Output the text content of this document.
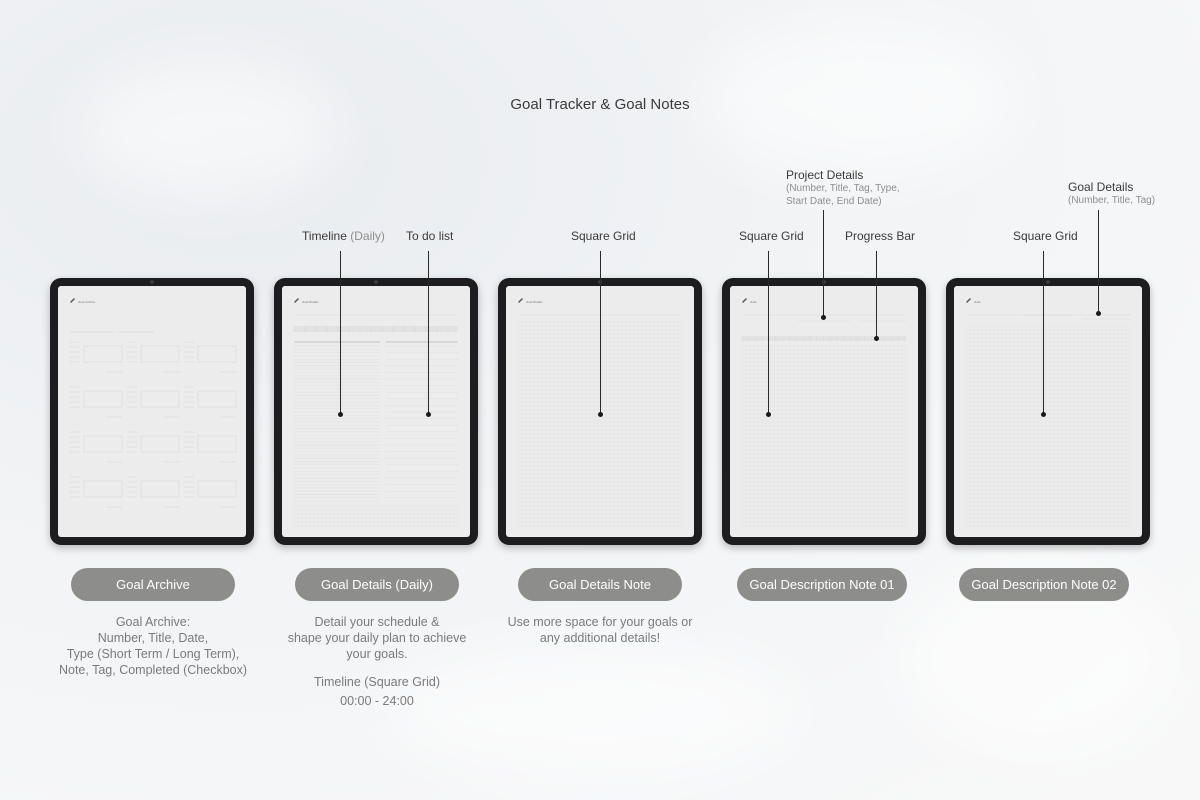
Goal Tracker & Goal Notes
Timeline (Daily) To do list	Square Grid	Square Grid	Progress Bar
Project Details
(Number, Title, Tag, Type,
Start Date, End Date)
Square Grid
Goal Details
(Number, Title, Tag)
Goal Archive	Goal Details	Goal Details	Goal	Goal
Goal Archive	Goal Details (Daily)	Goal Details Note	Goal Description Note 01	Goal Description Note 02
Goal Archive:
Number, Title, Date,
Type (Short Term / Long Term),
Note, Tag, Completed (Checkbox)
Detail your schedule &
shape your daily plan to achieve
your goals.
Timeline (Square Grid)
00:00 - 24:00
Use more space for your goals or
any additional details!
